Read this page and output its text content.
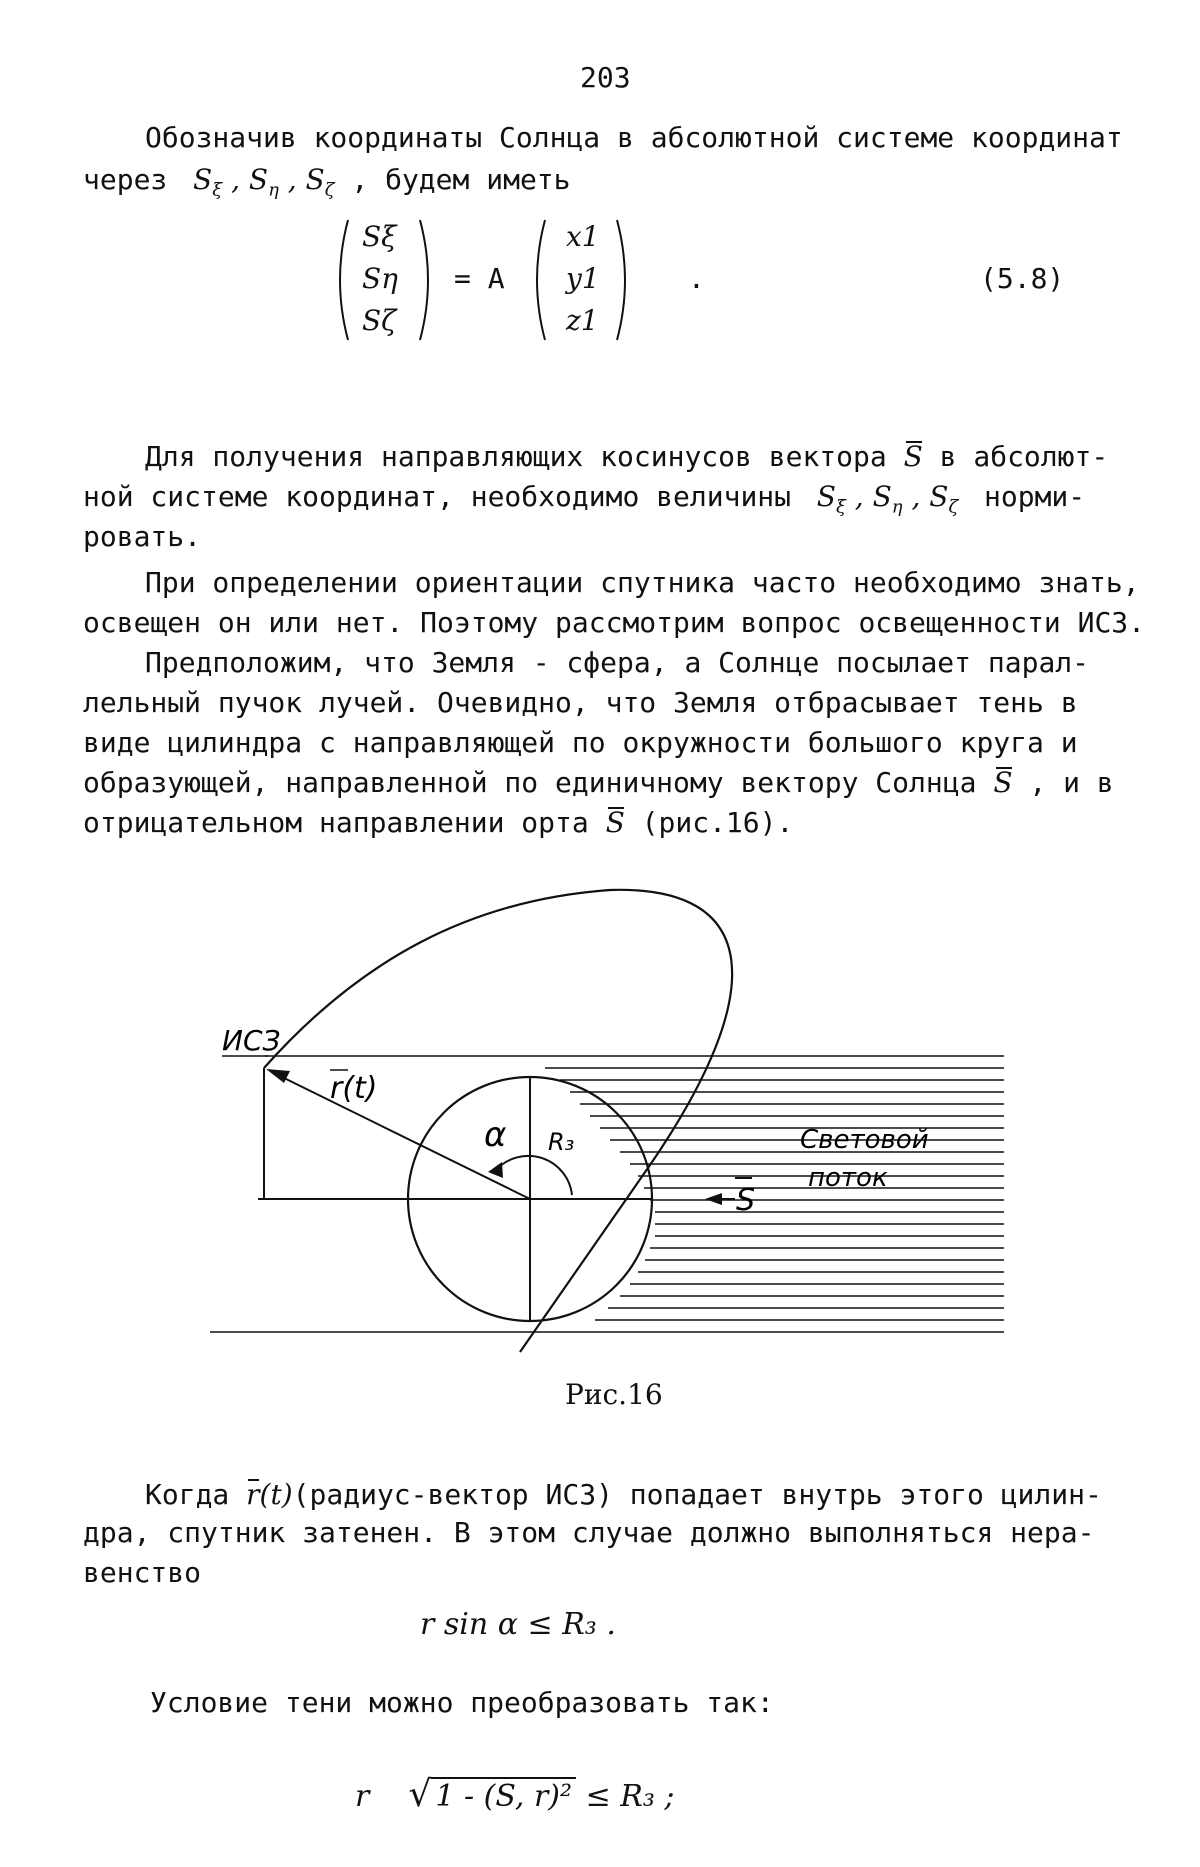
203
Обозначив координаты Солнца в абсолютной системе координат
через  Sξ , Sη , Sζ , будем иметь
Sξ
Sη
Sζ
= A
x1
y1
z1
.	(5.8)
Для получения направляющих косинусов вектора S в абсолют-
ной системе координат, необходимо величины  Sξ , Sη , Sζ норми-
ровать.
При определении ориентации спутника часто необходимо знать,
освещен он или нет. Поэтому рассмотрим вопрос освещенности ИСЗ.
Предположим, что Земля - сфера, а Солнце посылает парал-
лельный пучок лучей. Очевидно, что Земля отбрасывает тень в
виде цилиндра с направляющей по окружности большого круга и
образующей, направленной по единичному вектору Солнца S , и в
отрицательном направлении орта S (рис.16).
ИСЗ
r(t)
α R₃	Световой
поток
S
Рис.16
Когда r(t)(радиус-вектор ИСЗ) попадает внутрь этого цилин-
дра, спутник затенен. В этом случае должно выполняться нера-
венство
r sin α ≤ R₃ .
Условие тени можно преобразовать так:
r √ 1 - (S, r)² ≤ R₃ ;
